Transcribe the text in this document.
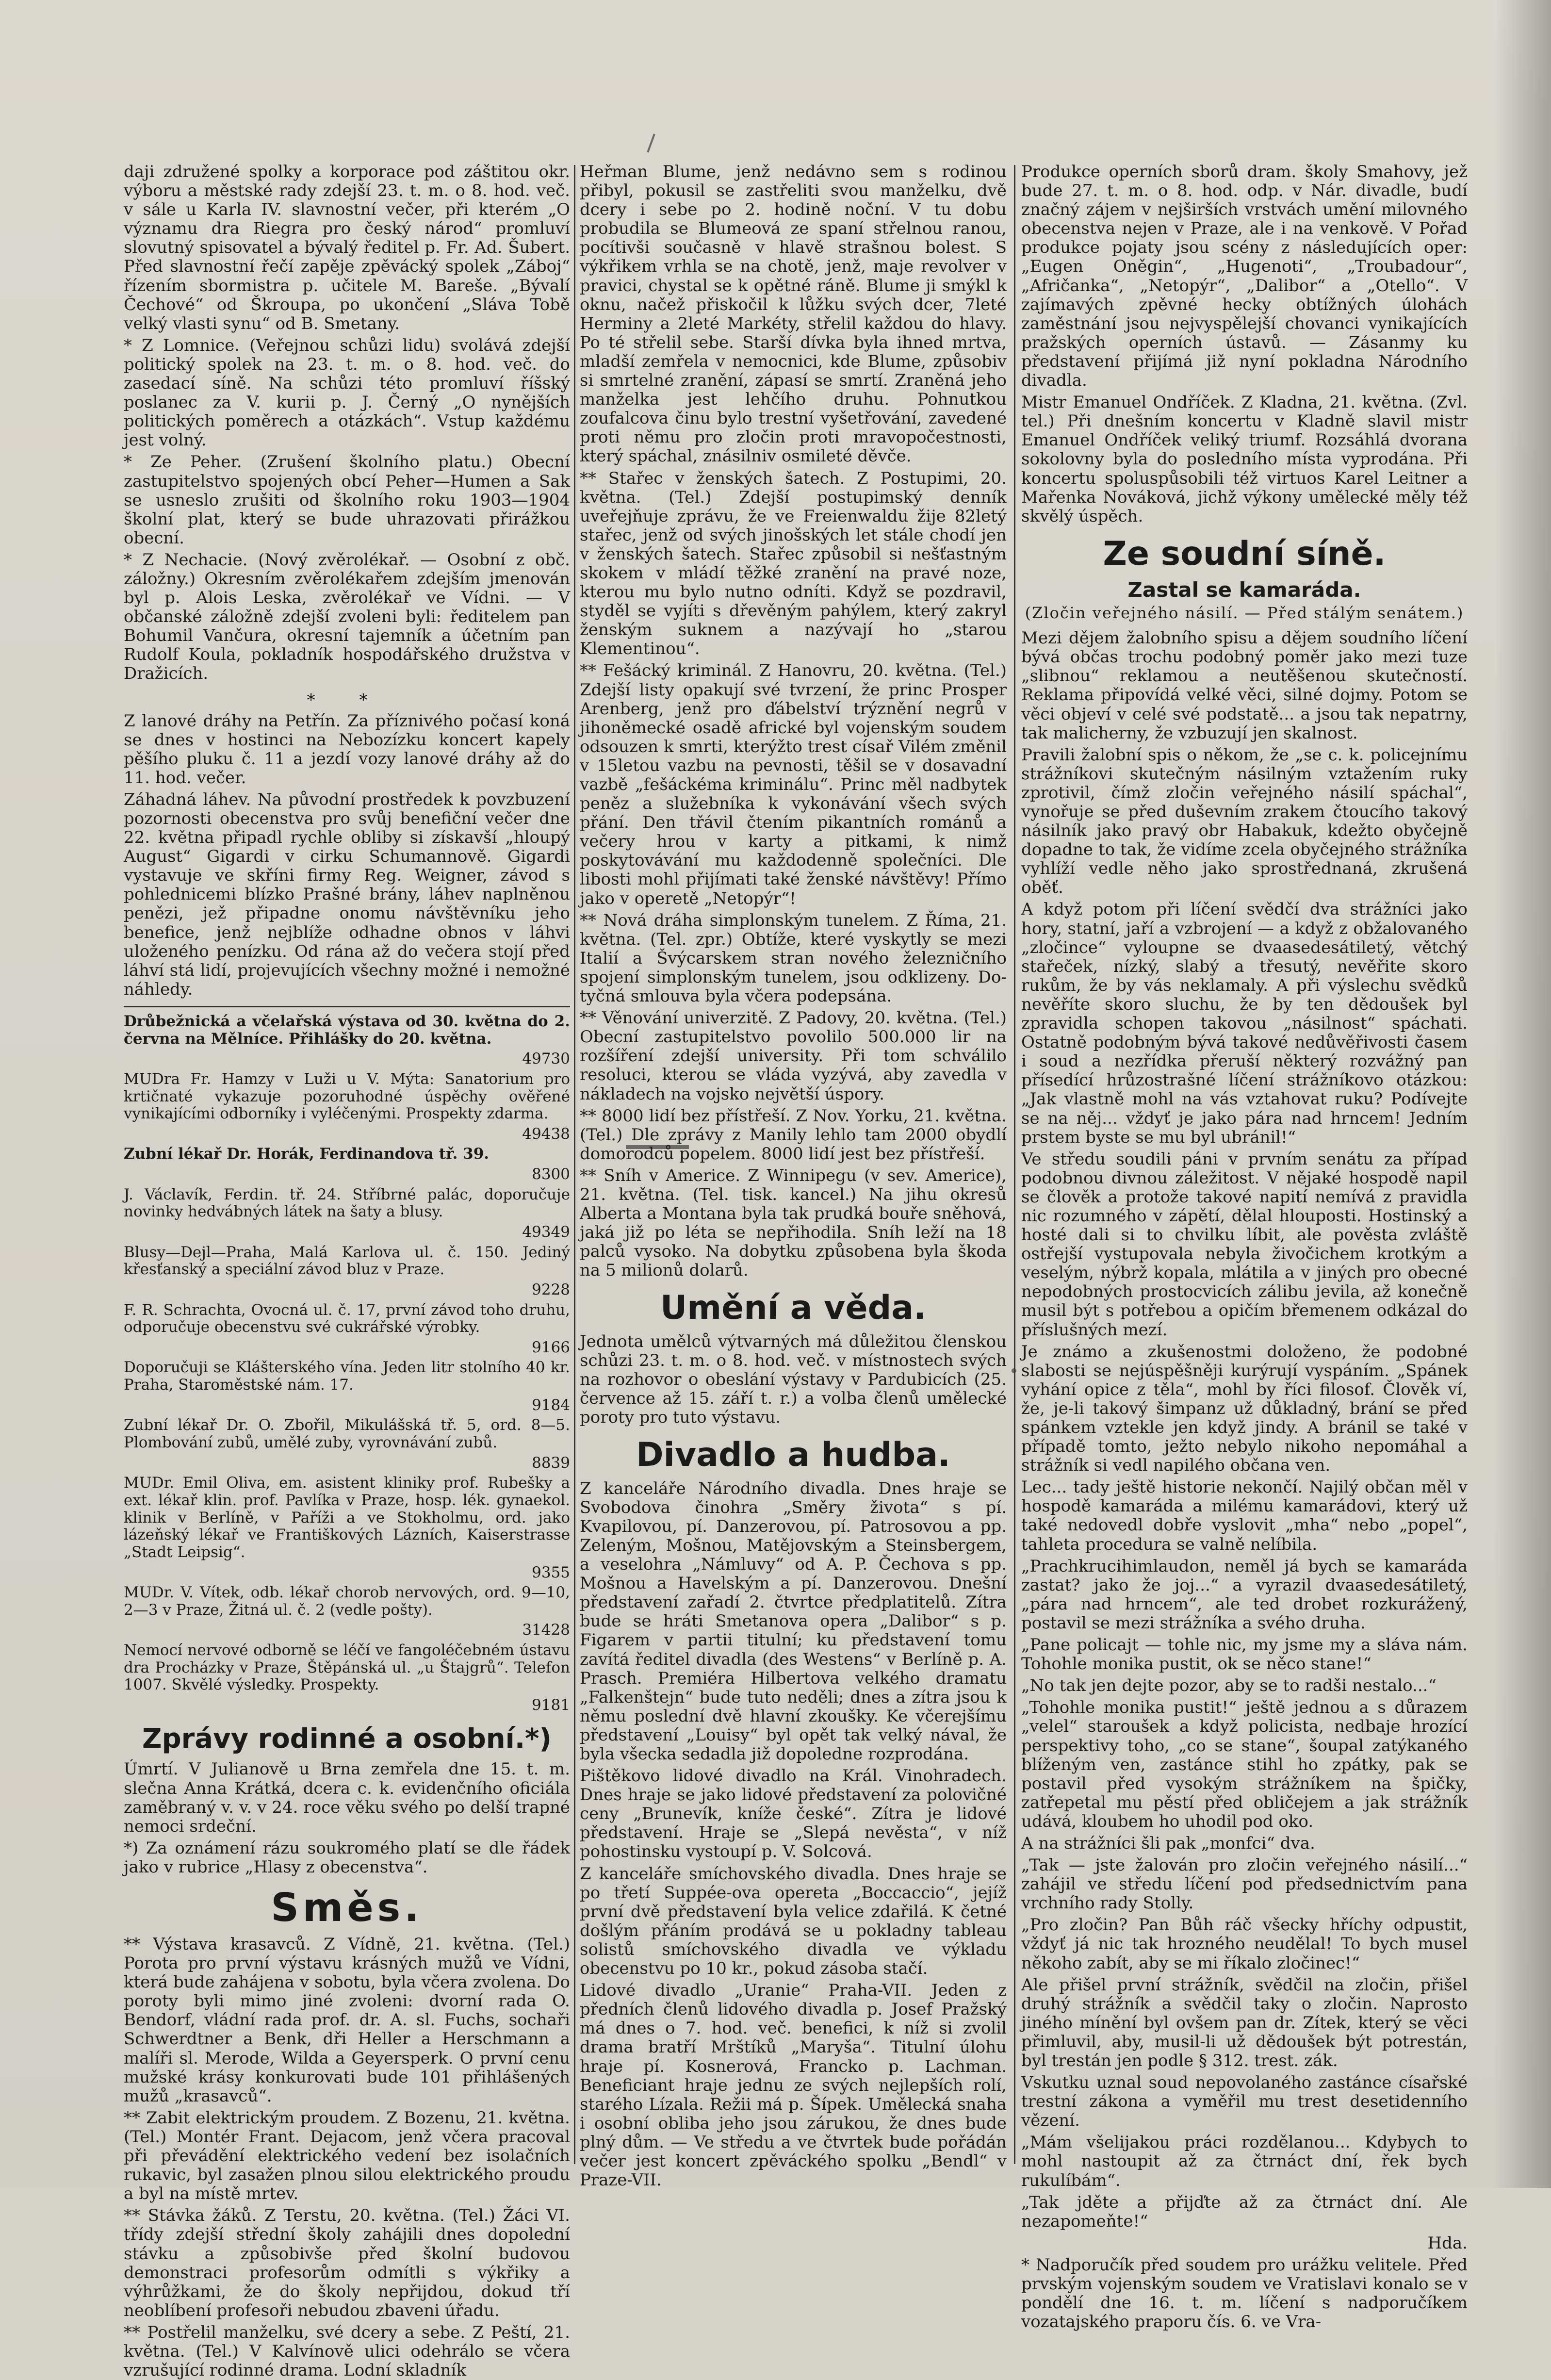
daji združené spolky a korporace pod záštitou okr. výboru a městské rady zdejší 23. t. m. o 8. hod. več. v sále u Karla IV. slavnostní večer, při kterém „O významu dra Riegra pro český národ“ promluví slovutný spisovatel a bývalý ředitel p. Fr. Ad. Šubert. Před slavnostní řečí zapěje zpěvácký spolek „Záboj“ řízením sbormistra p. učitele M. Bareše. „Bývalí Čechové“ od Škroupa, po ukončení „Sláva Tobě velký vlasti synu“ od B. Smetany.

* Z Lomnice. (Veřejnou schůzi lidu) svolává zdejší politický spolek na 23. t. m. o 8. hod. več. do zasedací síně. Na schůzi této promluví říšský poslanec za V. kurii p. J. Černý „O nynějších politických poměrech a otázkách“. Vstup každému jest volný.

* Ze Peher. (Zrušení školního platu.) Obecní zastupitelstvo spojených obcí Peher—Humen a Sak se usneslo zrušiti od školního roku 1903—1904 školní plat, který se bude uhrazovati přirážkou obecní.

* Z Nechacie. (Nový zvěrolékař. — Osobní z obč. záložny.) Okresním zvěrolékařem zdejším jmenován byl p. Alois Leska, zvěrolékař ve Vídni. — V občanské záložně zdejší zvoleni byli: ředitelem pan Bohumil Vančura, okresní tajemník a účetním pan Rudolf Koula, pokladník hospodářského družstva v Dražicích.

* *

Z lanové dráhy na Petřín. Za příznivého počasí koná se dnes v hostinci na Nebozízku koncert kapely pěšího pluku č. 11 a jezdí vozy lanové dráhy až do 11. hod. večer.

Záhadná láhev. Na původní prostředek k povzbuzení pozornosti obecenstva pro svůj benefiční večer dne 22. května připadl rychle obliby si získavší „hloupý August“ Gigardi v cirku Schumannově. Gigardi vystavuje ve skříni firmy Reg. Weigner, závod s pohlednicemi blízko Prašné brány, láhev naplněnou penězi, jež připadne onomu návštěvníku jeho benefice, jenž nejblíže odhadne obnos v láhvi uloženého penízku. Od rána až do večera stojí před láhví stá lidí, projevujících všechny možné i nemožné náhledy.

Drůbežnická a včelařská výstava od 30. května do 2. června na Mělníce. Přihlášky do 20. května.

49730

MUDra Fr. Hamzy v Luži u V. Mýta: Sanatorium pro krtičnaté vykazuje pozoruhodné úspěchy ověřené vynikajícími odborníky i vyléčenými. Prospekty zdarma.

49438

Zubní lékař Dr. Horák, Ferdinandova tř. 39.

8300

J. Václavík, Ferdin. tř. 24. Stříbrné palác, doporučuje novinky hedvábných látek na šaty a blusy.

49349

Blusy—Dejl—Praha, Malá Karlova ul. č. 150. Jediný křesťanský a speciální závod bluz v Praze.

9228

F. R. Schrachta, Ovocná ul. č. 17, první závod toho druhu, odporučuje obecenstvu své cukrářské výrobky.

9166

Doporučuji se Klášterského vína. Jeden litr stolního 40 kr. Praha, Staroměstské nám. 17.

9184

Zubní lékař Dr. O. Zbořil, Mikulášská tř. 5, ord. 8—5. Plombování zubů, umělé zuby, vyrovnávání zubů.

8839

MUDr. Emil Oliva, em. asistent kliniky prof. Rubešky a ext. lékař klin. prof. Pavlíka v Praze, hosp. lék. gynaekol. klinik v Berlíně, v Paříži a ve Stokholmu, ord. jako lázeňský lékař ve Františkových Lázních, Kaiserstrasse „Stadt Leipsig“.

9355

MUDr. V. Vítek, odb. lékař chorob nervových, ord. 9—10, 2—3 v Praze, Žitná ul. č. 2 (vedle pošty).

31428

Nemocí nervové odborně se léčí ve fangoléčebném ústavu dra Procházky v Praze, Štěpánská ul. „u Štajgrů“. Telefon 1007. Skvělé výsledky. Prospekty.

9181

Zprávy rodinné a osobní.*)

Úmrtí. V Julianově u Brna zemřela dne 15. t. m. slečna Anna Krátká, dcera c. k. evidenčního oficiála zaměbraný v. v. v 24. roce věku svého po delší trapné nemoci srdeční.

*) Za oznámení rázu soukromého platí se dle řádek jako v rubrice „Hlasy z obecenstva“.

Směs.

** Výstava krasavců. Z Vídně, 21. května. (Tel.) Porota pro první výstavu krásných mužů ve Vídni, která bude zahájena v sobotu, byla včera zvolena. Do poroty byli mimo jiné zvoleni: dvorní rada O. Bendorf, vládní rada prof. dr. A. sl. Fuchs, sochaři Schwerdtner a Benk, dři Heller a Herschmann a malíři sl. Merode, Wilda a Geyersperk. O první cenu mužské krásy konkurovati bude 101 přihlášených mužů „krasavců“.

** Zabit elektrickým proudem. Z Bozenu, 21. května. (Tel.) Montér Frant. Dejacom, jenž včera pracoval při převádění elektrického vedení bez isolačních rukavic, byl zasažen plnou silou elektrického proudu a byl na místě mrtev.

** Stávka žáků. Z Terstu, 20. května. (Tel.) Žáci VI. třídy zdejší střední školy zahájili dnes dopolední stávku a způsobivše před školní budovou demonstraci profesorům odmítli s výkřiky a výhrůžkami, že do školy nepřijdou, dokud tří neoblíbení profesoři nebudou zbaveni úřadu.

** Postřelil manželku, své dcery a sebe. Z Peští, 21. května. (Tel.) V Kalvínově ulici odehrálo se včera vzrušující rodinné drama. Lodní skladník

Heřman Blume, jenž nedávno sem s rodinou přibyl, pokusil se zastřeliti svou manželku, dvě dcery i sebe po 2. hodině noční. V tu dobu probudila se Blumeová ze spaní střelnou ranou, pocítivši současně v hlavě strašnou bolest. S výkřikem vrhla se na chotě, jenž, maje revolver v pravici, chystal se k opětné ráně. Blume ji smýkl k oknu, načež přiskočil k lůžku svých dcer, 7leté Herminy a 2leté Markéty, střelil každou do hlavy. Po té střelil sebe. Starší dívka byla ihned mrtva, mladší zemřela v nemocnici, kde Blume, způsobiv si smrtelné zranění, zápasí se smrtí. Zraněná jeho manželka jest lehčího druhu. Pohnutkou zoufalcova činu bylo trestní vyšetřování, zavedené proti němu pro zločin proti mravopočestnosti, který spáchal, znásilniv osmileté děvče.

** Stařec v ženských šatech. Z Postupimi, 20. května. (Tel.) Zdejší postupimský denník uveřejňuje zprávu, že ve Freienwaldu žije 82letý stařec, jenž od svých jinošských let stále chodí jen v ženských šatech. Stařec způsobil si nešťastným skokem v mládí těžké zranění na pravé noze, kterou mu bylo nutno odníti. Když se pozdravil, styděl se vyjíti s dřevěným pahýlem, který zakryl ženským suknem a nazývají ho „starou Klementinou“.

** Fešácký kriminál. Z Hanovru, 20. května. (Tel.) Zdejší listy opakují své tvrzení, že princ Prosper Arenberg, jenž pro ďábelství trýznění negrů v jihoněmecké osadě africké byl vojenským soudem odsouzen k smrti, kterýžto trest císař Vilém změnil v 15letou vazbu na pevnosti, těšil se v dosavadní vazbě „fešáckéma kriminálu“. Princ měl nadbytek peněz a služebníka k vykonávání všech svých přání. Den třávil čtením pikantních románů a večery hrou v karty a pitkami, k nimž poskytovávání mu každodenně společníci. Dle libosti mohl přijímati také ženské návštěvy! Přímo jako v operetě „Netopýr“!

** Nová dráha simplonským tunelem. Z Říma, 21. května. (Tel. zpr.) Obtíže, které vyskytly se mezi Italií a Švýcarskem stran nového železničního spojení simplonským tunelem, jsou odklizeny. Do-tyčná smlouva byla včera podepsána.

** Věnování univerzitě. Z Padovy, 20. května. (Tel.) Obecní zastupitelstvo povolilo 500.000 lir na rozšíření zdejší university. Při tom schválilo resoluci, kterou se vláda vyzývá, aby zavedla v nákladech na vojsko největší úspory.

** 8000 lidí bez přístřeší. Z Nov. Yorku, 21. května. (Tel.) Dle zprávy z Manily lehlo tam 2000 obydlí domorodců popelem. 8000 lidí jest bez přístřeší.

** Sníh v Americe. Z Winnipegu (v sev. Americe), 21. května. (Tel. tisk. kancel.) Na jihu okresů Alberta a Montana byla tak prudká bouře sněhová, jaká již po léta se nepřihodila. Sníh leží na 18 palců vysoko. Na dobytku způsobena byla škoda na 5 milionů dolarů.

Umění a věda.

Jednota umělců výtvarných má důležitou členskou schůzi 23. t. m. o 8. hod. več. v místnostech svých na rozhovor o obeslání výstavy v Pardubicích (25. července až 15. září t. r.) a volba členů umělecké poroty pro tuto výstavu.

Divadlo a hudba.

Z kanceláře Národního divadla. Dnes hraje se Svobodova činohra „Směry života“ s pí. Kvapilovou, pí. Danzerovou, pí. Patrosovou a pp. Zeleným, Mošnou, Matějovským a Steinsbergem, a veselohra „Námluvy“ od A. P. Čechova s pp. Mošnou a Havelským a pí. Danzerovou. Dnešní představení zařadí 2. čtvrtce předplatitelů. Zítra bude se hráti Smetanova opera „Dalibor“ s p. Figarem v partii titulní; ku představení tomu zavítá ředitel divadla (des Westens“ v Berlíně p. A. Prasch. Premiéra Hilbertova velkého dramatu „Falkenštejn“ bude tuto neděli; dnes a zítra jsou k němu poslední dvě hlavní zkoušky. Ke včerejšímu představení „Louisy“ byl opět tak velký nával, že byla všecka sedadla již dopoledne rozprodána.

Pištěkovo lidové divadlo na Král. Vinohradech. Dnes hraje se jako lidové představení za polovičné ceny „Brunevík, kníže české“. Zítra je lidové představení. Hraje se „Slepá nevěsta“, v níž pohostinsku vystoupí p. V. Solcová.

Z kanceláře smíchovského divadla. Dnes hraje se po třetí Suppée-ova opereta „Boccaccio“, jejíž první dvě představení byla velice zdařilá. K četné došlým přáním prodává se u pokladny tableau solistů smíchovského divadla ve výkladu obecenstvu po 10 kr., pokud zásoba stačí.

Lidové divadlo „Uranie“ Praha-VII. Jeden z předních členů lidového divadla p. Josef Pražský má dnes o 7. hod. več. benefici, k níž si zvolil drama bratří Mrštíků „Maryša“. Titulní úlohu hraje pí. Kosnerová, Francko p. Lachman. Beneficiant hraje jednu ze svých nejlepších rolí, starého Lízala. Režii má p. Šípek. Umělecká snaha i osobní obliba jeho jsou zárukou, že dnes bude plný dům. — Ve středu a ve čtvrtek bude pořádán večer jest koncert zpěváckého spolku „Bendl“ v Praze-VII.

Produkce operních sborů dram. školy Smahovy, jež bude 27. t. m. o 8. hod. odp. v Nár. divadle, budí značný zájem v nejširších vrstvách umění milovného obecenstva nejen v Praze, ale i na venkově. V Pořad produkce pojaty jsou scény z následujících oper: „Eugen Oněgin“, „Hugenoti“, „Troubadour“, „Afričanka“, „Netopýr“, „Dalibor“ a „Otello“. V zajímavých zpěvné hecky obtížných úlohách zaměstnání jsou nejvyspělejší chovanci vynikajících pražských operních ústavů. — Zásanmy ku představení přijímá již nyní pokladna Národního divadla.

Mistr Emanuel Ondříček. Z Kladna, 21. května. (Zvl. tel.) Při dnešním koncertu v Kladně slavil mistr Emanuel Ondříček veliký triumf. Rozsáhlá dvorana sokolovny byla do posledního místa vyprodána. Při koncertu spoluspůsobili též virtuos Karel Leitner a Mařenka Nováková, jichž výkony umělecké měly též skvělý úspěch.

Ze soudní síně.
Zastal se kamaráda.
(Zločin veřejného násilí. — Před stálým senátem.)

Mezi dějem žalobního spisu a dějem soudního líčení bývá občas trochu podobný poměr jako mezi tuze „slibnou“ reklamou a neutěšenou skutečností. Reklama připovídá velké věci, silné dojmy. Potom se věci objeví v celé své podstatě... a jsou tak nepatrny, tak malicherny, že vzbuzují jen skalnost.

Pravili žalobní spis o někom, že „se c. k. policejnímu strážníkovi skutečným násilným vztažením ruky zprotivil, čímž zločin veřejného násilí spáchal“, vynořuje se před duševním zrakem čtoucího takový násilník jako pravý obr Habakuk, kdežto obyčejně dopadne to tak, že vidíme zcela obyčejného strážníka vyhlíží vedle něho jako sprostřednaná, zkrušená oběť.

A když potom při líčení svědčí dva strážníci jako hory, statní, jaří a vzbrojení — a když z obžalovaného „zločince“ vyloupne se dvaasedesátiletý, větchý stařeček, nízký, slabý a třesutý, nevěřite skoro rukům, že by vás neklamaly. A při výslechu svědků nevěříte skoro sluchu, že by ten dědoušek byl zpravidla schopen takovou „násilnost“ spáchati. Ostatně podobným bývá takové nedůvěřivosti časem i soud a nezřídka přeruší některý rozvážný pan přísedící hrůzostrašné líčení strážníkovo otázkou: „Jak vlastně mohl na vás vztahovat ruku? Podívejte se na něj... vždyť je jako pára nad hrncem! Jedním prstem byste se mu byl ubránil!“

Ve středu soudili páni v prvním senátu za případ podobnou divnou záležitost. V nějaké hospodě napil se člověk a protože takové napití nemívá z pravidla nic rozumného v zápětí, dělal hlouposti. Hostinský a hosté dali si to chvilku líbit, ale pověsta zvláště ostřejší vystupovala nebyla živočichem krotkým a veselým, nýbrž kopala, mlátila a v jiných pro obecné nepodobných prostocvicích zálibu jevila, až konečně musil být s potřebou a opičím břemenem odkázal do příslušných mezí.

Je známo a zkušenostmi doloženo, že podobné slabosti se nejúspěšněji kurýrují vyspáním. „Spánek vyhání opice z těla“, mohl by říci filosof. Člověk ví, že, je-li takový šimpanz už důkladný, brání se před spánkem vztekle jen když jindy. A bránil se také v případě tomto, ježto nebylo nikoho nepomáhal a strážník si vedl napilého občana ven.

Lec... tady ještě historie nekončí. Najilý občan měl v hospodě kamaráda a milému kamarádovi, který už také nedovedl dobře vyslovit „mha“ nebo „popel“, tahleta procedura se valně nelíbila.

„Prachkrucihimlaudon, neměl já bych se kamaráda zastat? jako že joj...“ a vyrazil dvaasedesátiletý, „pára nad hrncem“, ale ted drobet rozkurážený, postavil se mezi strážníka a svého druha.

„Pane policajt — tohle nic, my jsme my a sláva nám. Tohohle monika pustit, ok se něco stane!“

„No tak jen dejte pozor, aby se to radši nestalo...“

„Tohohle monika pustit!“ ještě jednou a s důrazem „velel“ staroušek a když policista, nedbaje hrozící perspektivy toho, „co se stane“, šoupal zatýkaného blíženým ven, zastánce stihl ho zpátky, pak se postavil před vysokým strážníkem na špičky, zatřepetal mu pěstí před obličejem a jak strážník udává, kloubem ho uhodil pod oko.

A na strážníci šli pak „monfci“ dva.

„Tak — jste žalován pro zločin veřejného násilí...“ zahájil ve středu líčení pod předsednictvím pana vrchního rady Stolly.

„Pro zločin? Pan Bůh ráč všecky hříchy odpustit, vždyť já nic tak hrozného neudělal! To bych musel někoho zabít, aby se mi říkalo zločinec!“

Ale přišel první strážník, svědčil na zločin, přišel druhý strážník a svědčil taky o zločin. Naprosto jiného mínění byl ovšem pan dr. Zítek, který se věci přimluvil, aby, musil-li už dědoušek být potrestán, byl trestán jen podle § 312. trest. zák.

Vskutku uznal soud nepovolaného zastánce císařské trestní zákona a vyměřil mu trest desetidenního vězení.

„Mám všelijakou práci rozdělanou... Kdybych to mohl nastoupit až za čtrnáct dní, řek bych rukulíbám“.

„Tak jděte a přijďte až za čtrnáct dní. Ale nezapomeňte!“

Hda.

* Nadporučík před soudem pro urážku velitele. Před prvským vojenským soudem ve Vratislavi konalo se v pondělí dne 16. t. m. líčení s nadporučíkem vozatajského praporu čís. 6. ve Vra-
